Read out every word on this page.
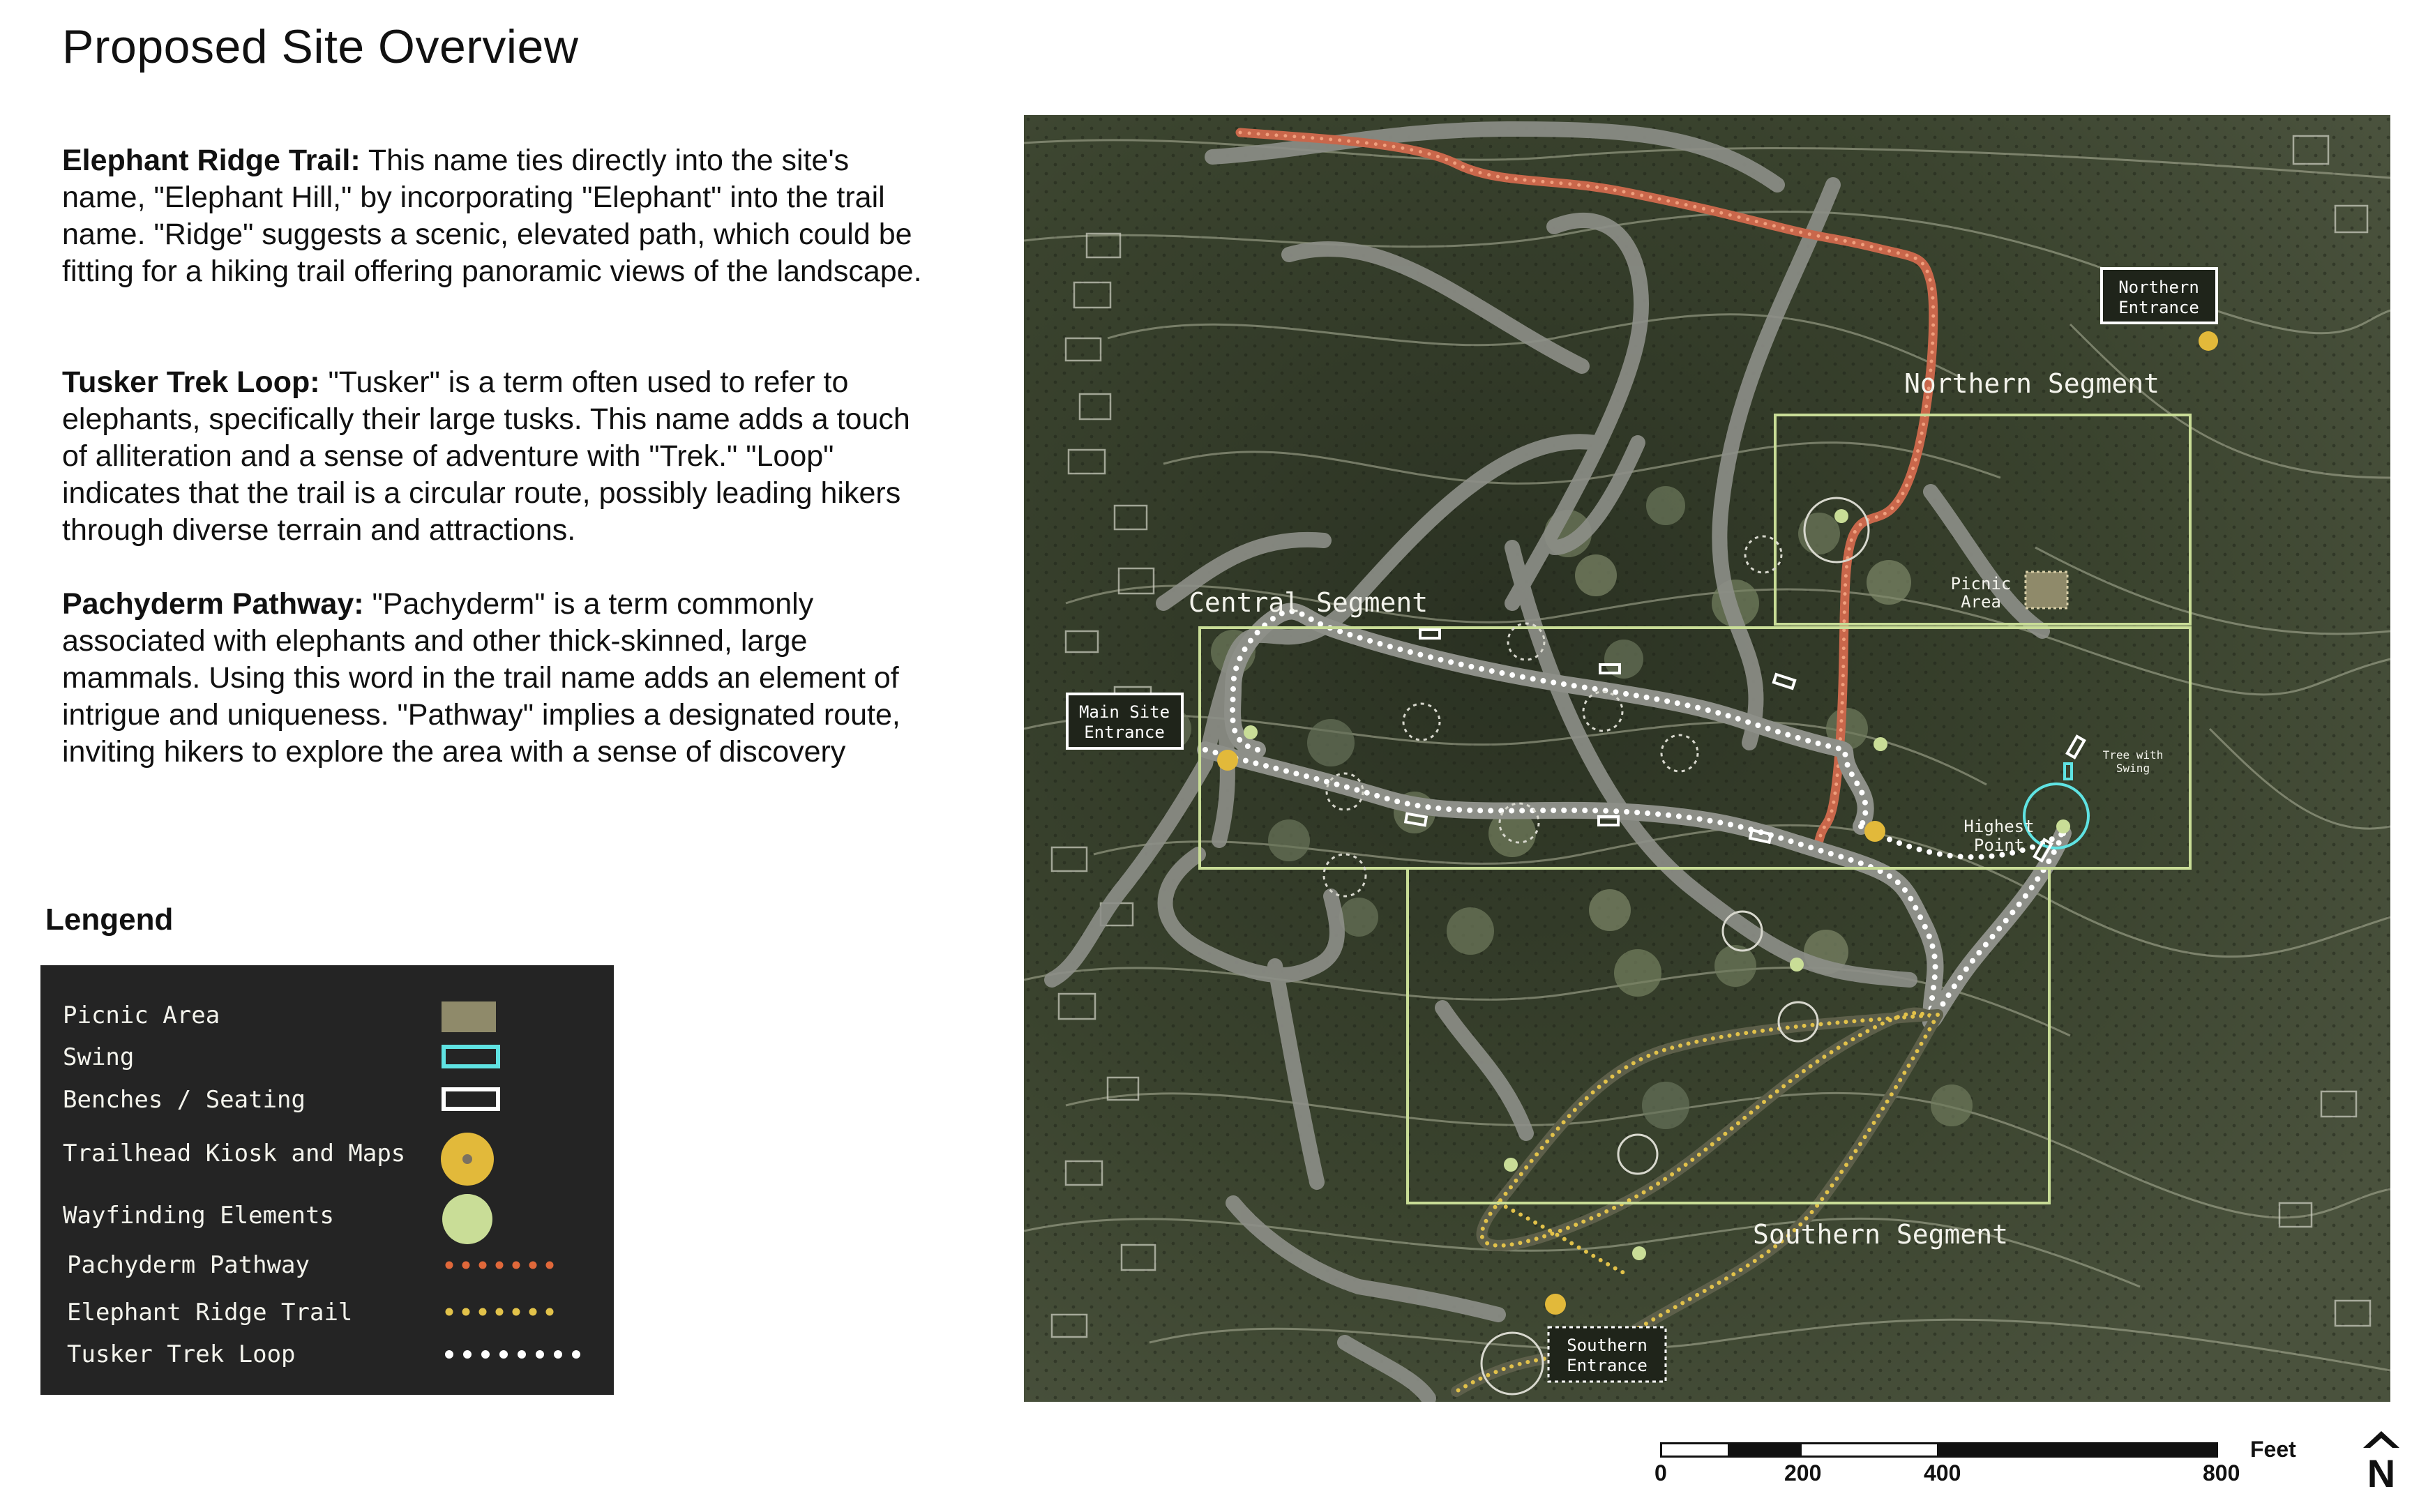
Proposed Site Overview
Elephant Ridge Trail: This name ties directly into the site's name, "Elephant Hill," by incorporating "Elephant" into the trail name. "Ridge" suggests a scenic, elevated path, which could be fitting for a hiking trail offering panoramic views of the landscape.
Tusker Trek Loop: "Tusker" is a term often used to refer to elephants, specifically their large tusks. This name adds a touch of alliteration and a sense of adventure with "Trek." "Loop" indicates that the trail is a circular route, possibly leading hikers through diverse terrain and attractions.
Pachyderm Pathway: "Pachyderm" is a term commonly associated with elephants and other thick-skinned, large mammals. Using this word in the trail name adds an element of intrigue and uniqueness. "Pathway" implies a designated route, inviting hikers to explore the area with a sense of discovery
Lengend
Picnic Area
Swing
Benches / Seating
Trailhead Kiosk and Maps
Wayfinding Elements
Pachyderm Pathway
Elephant Ridge Trail
Tusker Trek Loop
Northern Segment
Central Segment
Southern Segment
Northern
Entrance
Main Site
Entrance
Southern
Entrance
Picnic
Area
Highest
Point
Tree with
Swing
0	200	400	800
Feet
N
